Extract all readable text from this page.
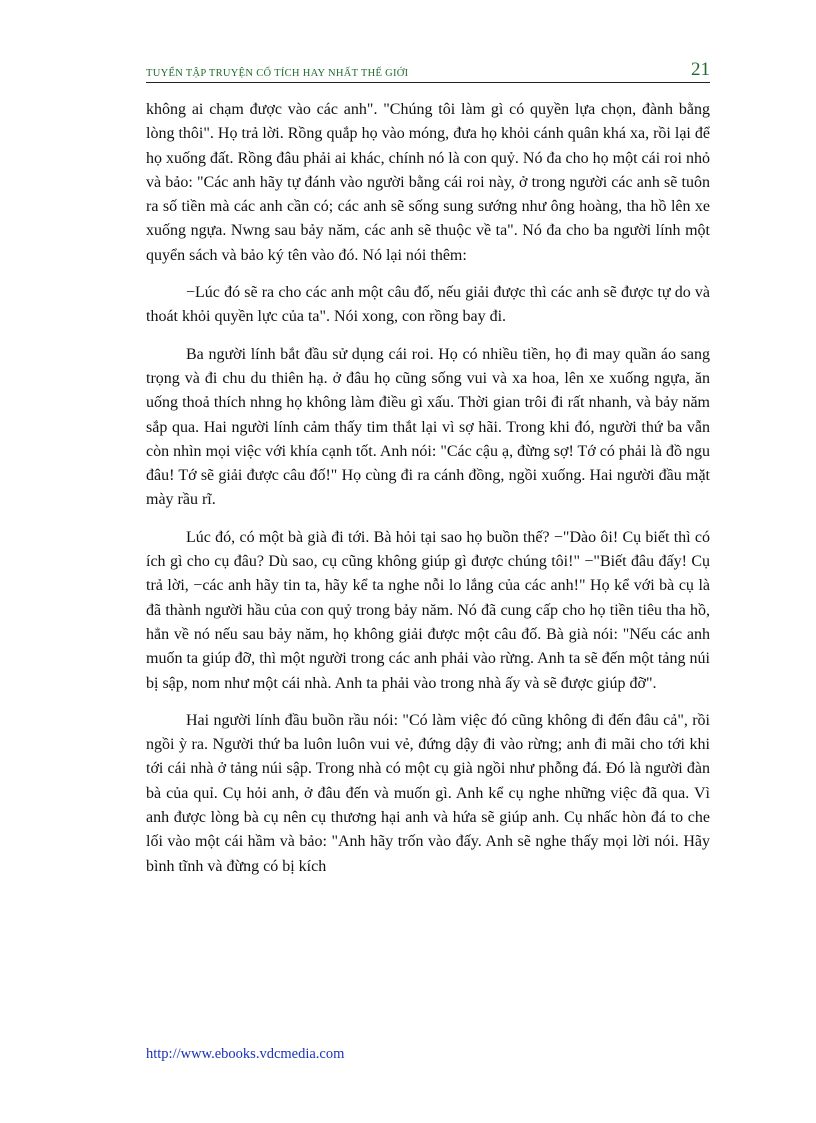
TUYỂN TẬP TRUYỆN CỔ TÍCH HAY NHẤT THẾ GIỚI	21

không ai chạm được vào các anh". "Chúng tôi làm gì có quyền lựa chọn, đành bằng lòng thôi". Họ trả lời. Rồng quắp họ vào móng, đưa họ khỏi cánh quân khá xa, rồi lại để họ xuống đất. Rồng đâu phải ai khác, chính nó là con quỷ. Nó đa cho họ một cái roi nhỏ và bảo: "Các anh hãy tự đánh vào người bằng cái roi này, ở trong người các anh sẽ tuôn ra số tiền mà các anh cần có; các anh sẽ sống sung sướng như ông hoàng, tha hồ lên xe xuống ngựa. Nwng sau bảy năm, các anh sẽ thuộc về ta". Nó đa cho ba người lính một quyển sách và bảo ký tên vào đó. Nó lại nói thêm:

−Lúc đó sẽ ra cho các anh một câu đố, nếu giải được thì các anh sẽ được tự do và thoát khỏi quyền lực của ta". Nói xong, con rồng bay đi.

Ba người lính bắt đầu sử dụng cái roi. Họ có nhiều tiền, họ đi may quần áo sang trọng và đi chu du thiên hạ. ở đâu họ cũng sống vui và xa hoa, lên xe xuống ngựa, ăn uống thoả thích nhng họ không làm điều gì xấu. Thời gian trôi đi rất nhanh, và bảy năm sắp qua. Hai người lính cảm thấy tim thắt lại vì sợ hãi. Trong khi đó, người thứ ba vẫn còn nhìn mọi việc với khía cạnh tốt. Anh nói: "Các cậu ạ, đừng sợ! Tớ có phải là đồ ngu đâu! Tớ sẽ giải được câu đố!" Họ cùng đi ra cánh đồng, ngồi xuống. Hai người đầu mặt mày rầu rĩ.

Lúc đó, có một bà già đi tới. Bà hỏi tại sao họ buồn thế? −"Dào ôi! Cụ biết thì có ích gì cho cụ đâu? Dù sao, cụ cũng không giúp gì được chúng tôi!" −"Biết đâu đấy! Cụ trả lời, −các anh hãy tin ta, hãy kể ta nghe nỗi lo lắng của các anh!" Họ kể với bà cụ là đã thành người hầu của con quỷ trong bảy năm. Nó đã cung cấp cho họ tiền tiêu tha hồ, hẳn về nó nếu sau bảy năm, họ không giải được một câu đố. Bà già nói: "Nếu các anh muốn ta giúp đỡ, thì một người trong các anh phải vào rừng. Anh ta sẽ đến một tảng núi bị sập, nom như một cái nhà. Anh ta phải vào trong nhà ấy và sẽ được giúp đỡ".

Hai người lính đầu buồn rầu nói: "Có làm việc đó cũng không đi đến đâu cả", rồi ngồi ỳ ra. Người thứ ba luôn luôn vui vẻ, đứng dậy đi vào rừng; anh đi mãi cho tới khi tới cái nhà ở tảng núi sập. Trong nhà có một cụ già ngồi như phỗng đá. Đó là người đàn bà của quỉ. Cụ hỏi anh, ở đâu đến và muốn gì. Anh kể cụ nghe những việc đã qua. Vì anh được lòng bà cụ nên cụ thương hại anh và hứa sẽ giúp anh. Cụ nhấc hòn đá to che lối vào một cái hầm và bảo: "Anh hãy trốn vào đấy. Anh sẽ nghe thấy mọi lời nói. Hãy bình tĩnh và đừng có bị kích

http://www.ebooks.vdcmedia.com
